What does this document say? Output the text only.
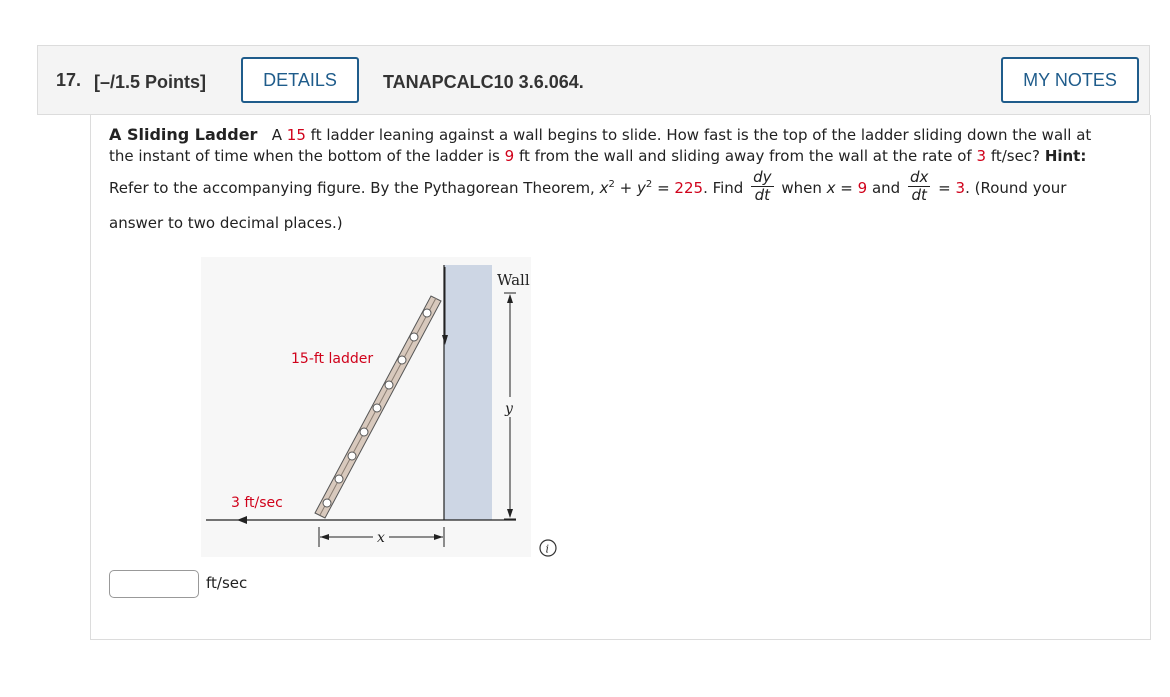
17. [–/1.5 Points]	DETAILS	TANAPCALC10 3.6.064.	MY NOTES
A Sliding Ladder A 15 ft ladder leaning against a wall begins to slide. How fast is the top of the ladder sliding down the wall at
the instant of time when the bottom of the ladder is 9 ft from the wall and sliding away from the wall at the rate of 3 ft/sec? Hint:
Refer to the accompanying figure. By the Pythagorean Theorem, $x^2 + y^2 = 225$. Find $\frac{dy}{dt}$ when x = 9 and $\frac{dx}{dt} = 3$. (Round your
answer to two decimal places.)
Wall
y
3 ft/sec
x
15-ft ladder
i
ft/sec
